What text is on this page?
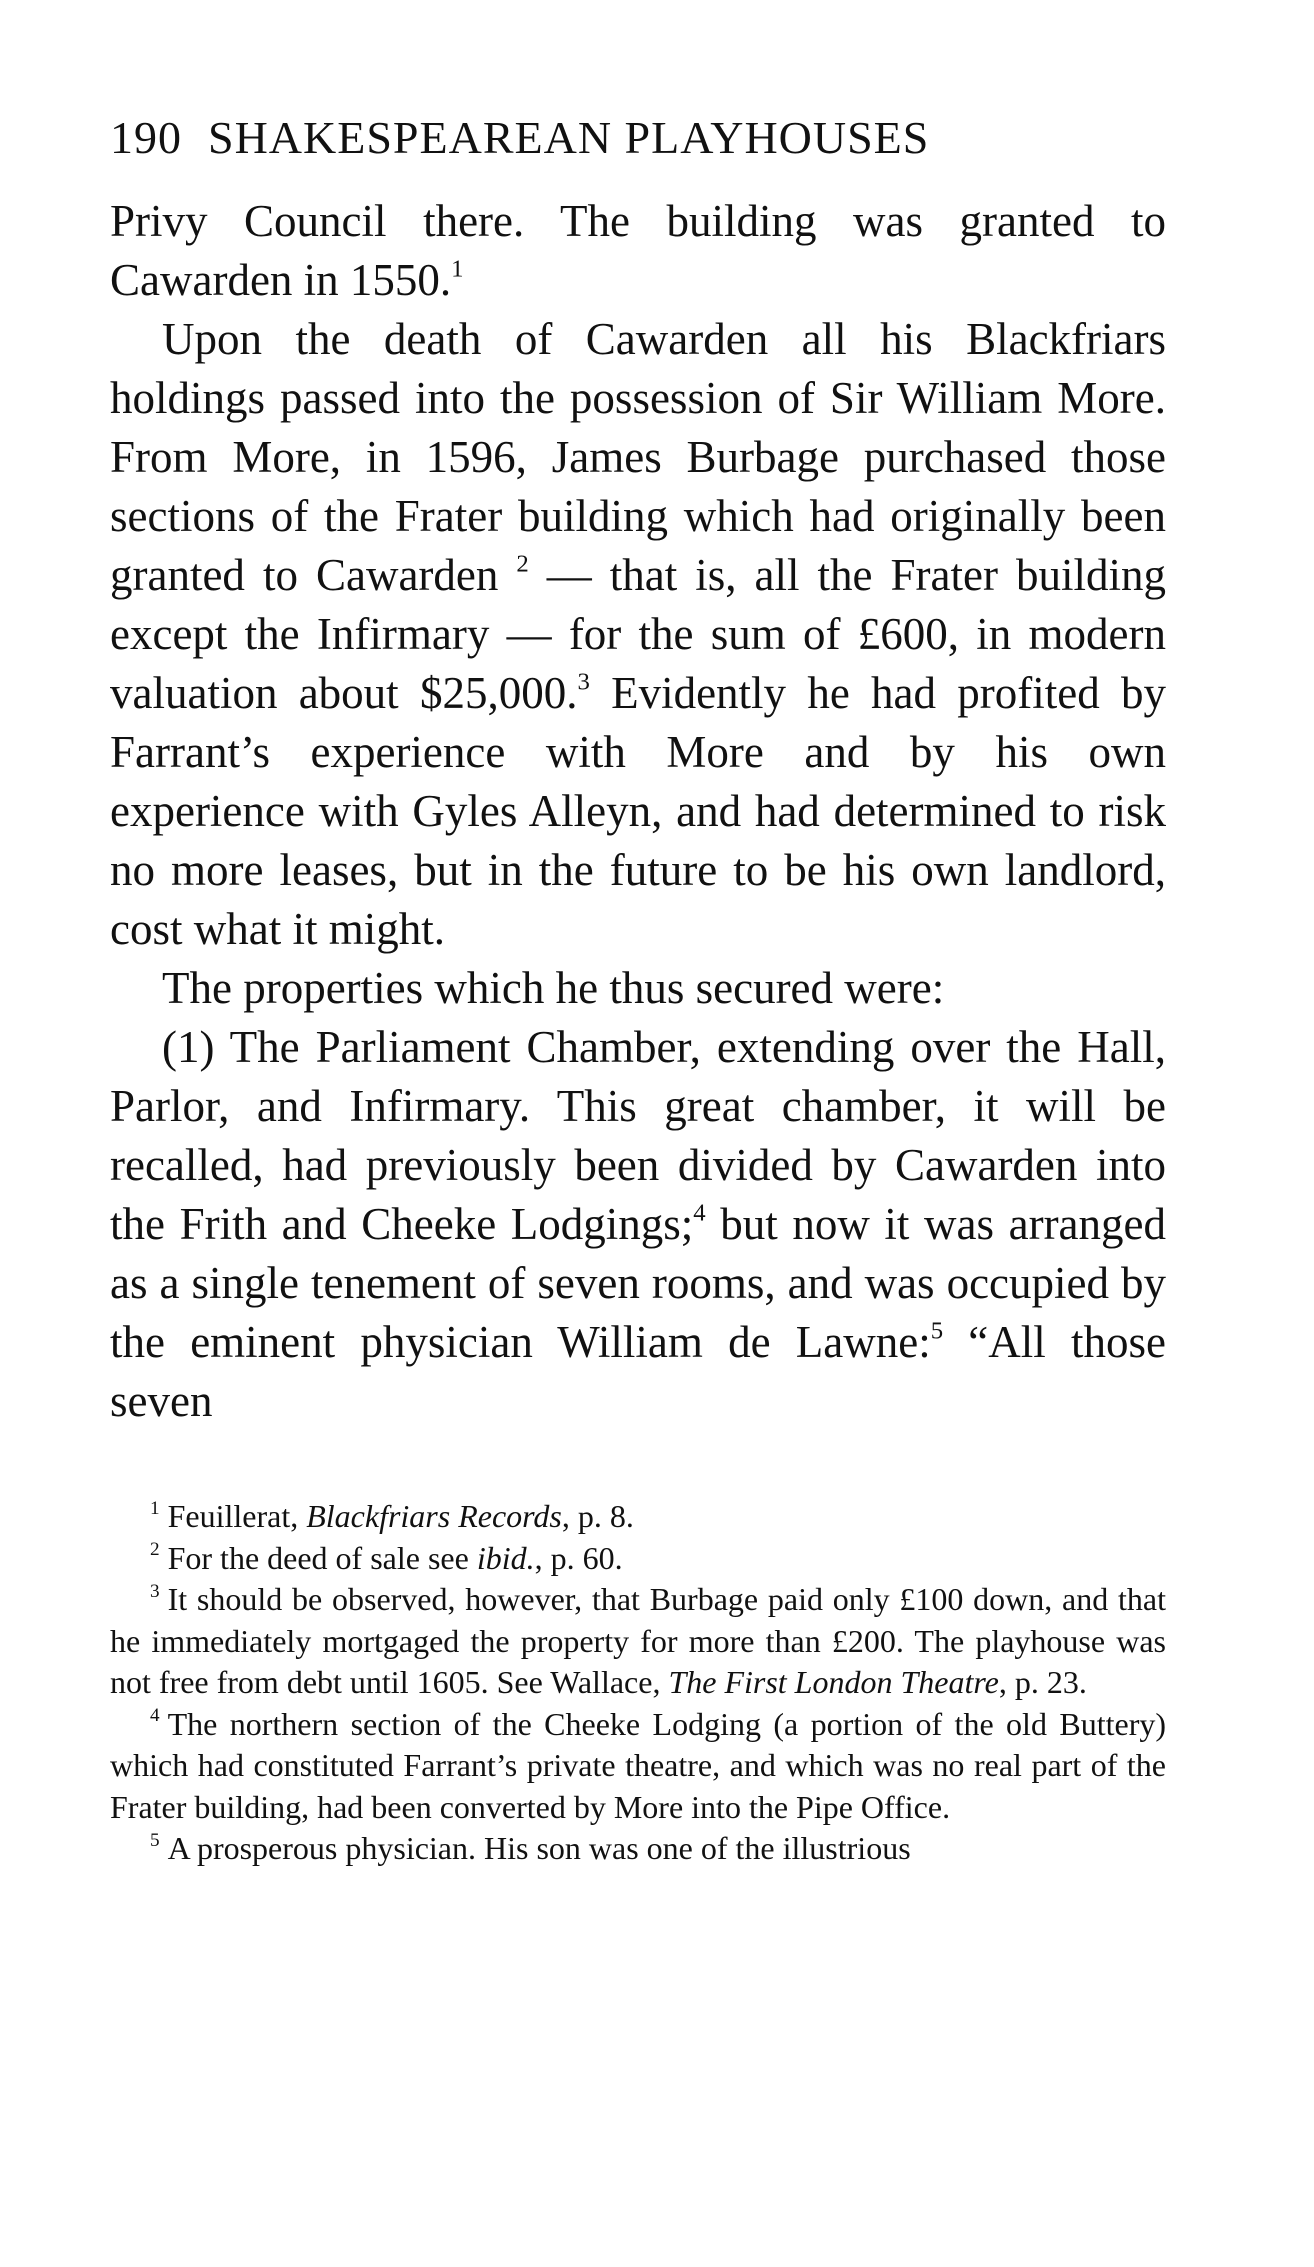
190 SHAKESPEAREAN PLAYHOUSES

Privy Council there. The building was granted to Cawarden in 1550.$^1$

Upon the death of Cawarden all his Blackfriars holdings passed into the possession of Sir William More. From More, in 1596, James Burbage purchased those sections of the Frater building which had originally been granted to Cawarden $^2$ — that is, all the Frater building except the Infirmary — for the sum of £600, in modern valuation about $25,000.$^3$ Evidently he had profited by Farrant’s experience with More and by his own experience with Gyles Alleyn, and had determined to risk no more leases, but in the future to be his own landlord, cost what it might.

The properties which he thus secured were:

(1) The Parliament Chamber, extending over the Hall, Parlor, and Infirmary. This great chamber, it will be recalled, had previously been divided by Cawarden into the Frith and Cheeke Lodgings;$^4$ but now it was arranged as a single tenement of seven rooms, and was occupied by the eminent physician William de Lawne:$^5$ “All those seven

$^1$ Feuillerat, Blackfriars Records, p. 8.

$^2$ For the deed of sale see ibid., p. 60.

$^3$ It should be observed, however, that Burbage paid only £100 down, and that he immediately mortgaged the property for more than £200. The playhouse was not free from debt until 1605. See Wallace, The First London Theatre, p. 23.

$^4$ The northern section of the Cheeke Lodging (a portion of the old Buttery) which had constituted Farrant’s private theatre, and which was no real part of the Frater building, had been converted by More into the Pipe Office.

$^5$ A prosperous physician. His son was one of the illustrious
